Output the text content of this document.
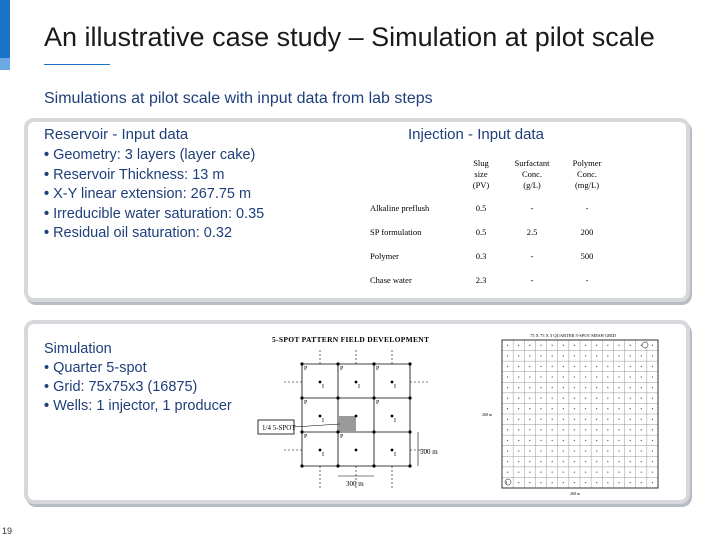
An illustrative case study – Simulation at pilot scale
Simulations at pilot scale with input data from lab steps
Reservoir - Input data
• Geometry: 3 layers (layer cake)
• Reservoir Thickness: 13 m
• X-Y linear extension: 267.75 m
• Irreducible water saturation: 0.35
• Residual oil saturation: 0.32
Injection - Input data
	Slug
size
(PV)	Surfactant
Conc.
(g/L)	Polymer
Conc.
(mg/L)
Alkaline preflush	0.5	-	-
SP formulation	0.5	2.5	200
Polymer	0.3	-	500
Chase water	2.3	-	-
Simulation
• Quarter 5-spot
• Grid: 75x75x3 (16875)
• Wells: 1 injector, 1 producer
5-SPOT PATTERN FIELD DEVELOPMENT
P	P	P
P	P
P	P
I	I	I
I	I
I	I
1/4 5-SPOT
500 m
300 m
75 X 75 X 3 QUARTER 5-SPOT MESH GRID
I
268 m
268 m
19
